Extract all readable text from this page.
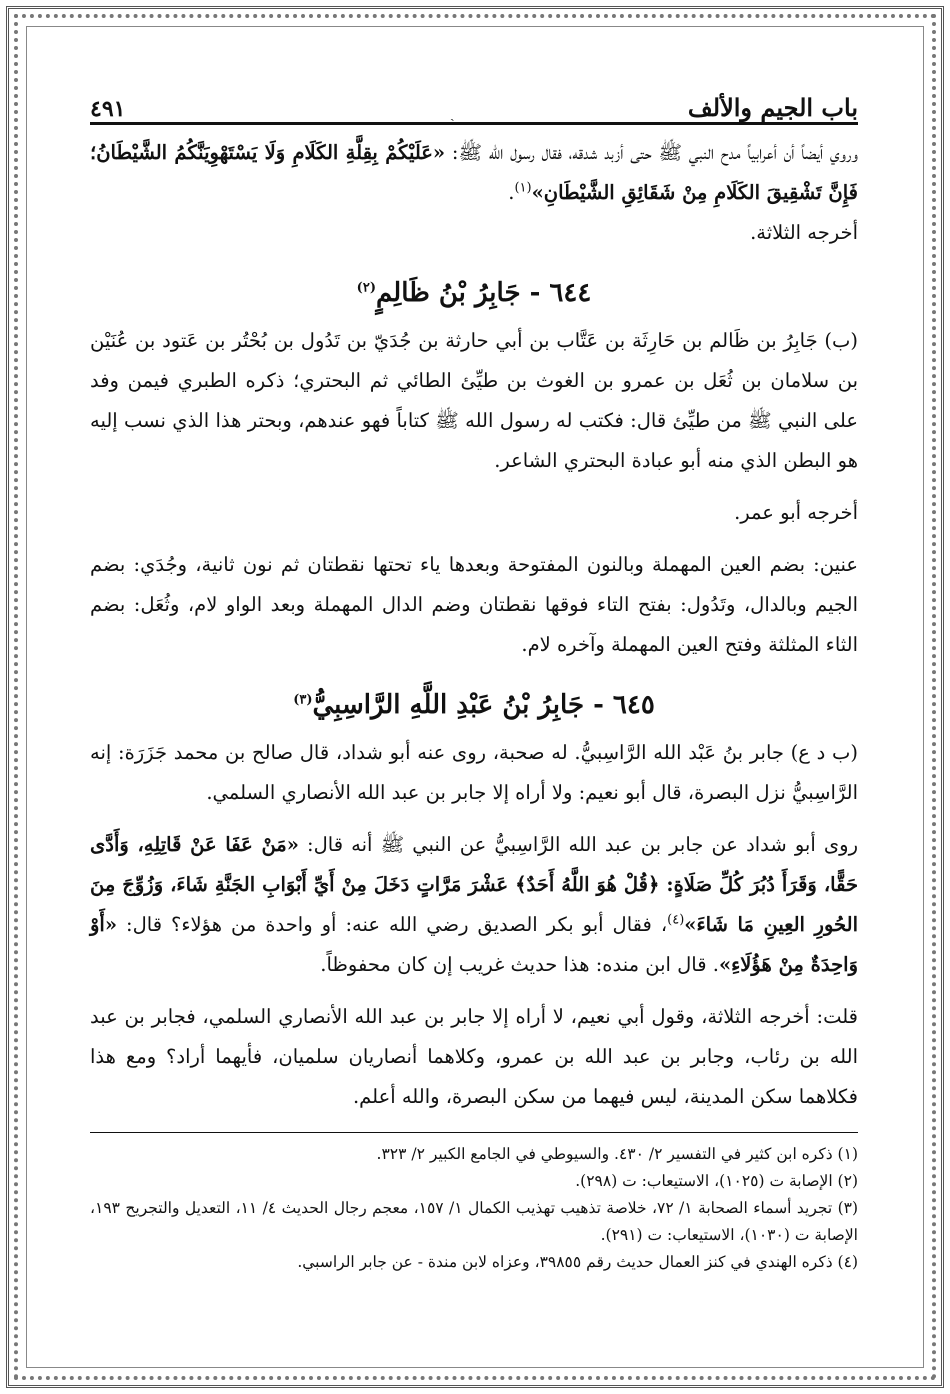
ˎ	باب الجيم والألف
٤٩١

وروي أيضاً أن أعرابياً مدح النبي ﷺ حتى أزبد شدقه، فقال رسول الله ﷺ: «عَلَيْكُمْ بِقِلَّةِ الكَلَامِ وَلَا يَسْتَهْوِيَنَّكُمُ الشَّيْطَانُ؛ فَإِنَّ تَشْقِيقَ الكَلَامِ مِنْ شَقَائِقِ الشَّيْطَانِ»$^{(١)}$.

أخرجه الثلاثة.

٦٤٤ - جَابِرُ بْنُ ظَالِمٍ$^{(٢)}$

(ب) جَابِرُ بن ظَالم بن حَارِثَة بن عَتَّاب بن أبي حارثة بن جُدَيّ بن تَدُول بن بُحْتُر بن عَتود بن عُنَيْن بن سلامان بن ثُعَل بن عمرو بن الغوث بن طيِّئ الطائي ثم البحتري؛ ذكره الطبري فيمن وفد على النبي ﷺ من طيِّئ قال: فكتب له رسول الله ﷺ كتاباً فهو عندهم، وبحتر هذا الذي نسب إليه هو البطن الذي منه أبو عبادة البحتري الشاعر.

أخرجه أبو عمر.

عنين: بضم العين المهملة وبالنون المفتوحة وبعدها ياء تحتها نقطتان ثم نون ثانية، وجُدَي: بضم الجيم وبالدال، وتَدُول: بفتح التاء فوقها نقطتان وضم الدال المهملة وبعد الواو لام، وثُعَل: بضم الثاء المثلثة وفتح العين المهملة وآخره لام.

٦٤٥ - جَابِرُ بْنُ عَبْدِ اللَّهِ الرَّاسِبِيُّ$^{(٣)}$

(ب د ع) جابر بنُ عَبْد الله الرَّاسِبيُّ. له صحبة، روى عنه أبو شداد، قال صالح بن محمد جَزَرَة: إنه الرَّاسِبيُّ نزل البصرة، قال أبو نعيم: ولا أراه إلا جابر بن عبد الله الأنصاري السلمي.

روى أبو شداد عن جابر بن عبد الله الرَّاسِبيُّ عن النبي ﷺ أنه قال: «مَنْ عَفَا عَنْ قَاتِلِهِ، وَأَدَّى حَقًّا، وَقَرَأَ دُبُرَ كُلِّ صَلَاةٍ: ﴿قُلْ هُوَ اللَّهُ أَحَدٌ﴾ عَشْرَ مَرَّاتٍ دَخَلَ مِنْ أَيِّ أَبْوَابِ الجَنَّةِ شَاءَ، وَزُوِّجَ مِنَ الحُورِ العِينِ مَا شَاءَ»$^{(٤)}$، فقال أبو بكر الصديق رضي الله عنه: أو واحدة من هؤلاء؟ قال: «أَوْ وَاحِدَةٌ مِنْ هَؤُلَاءِ». قال ابن منده: هذا حديث غريب إن كان محفوظاً.

قلت: أخرجه الثلاثة، وقول أبي نعيم، لا أراه إلا جابر بن عبد الله الأنصاري السلمي، فجابر بن عبد الله بن رئاب، وجابر بن عبد الله بن عمرو، وكلاهما أنصاريان سلميان، فأيهما أراد؟ ومع هذا فكلاهما سكن المدينة، ليس فيهما من سكن البصرة، والله أعلم.

(١) ذكره ابن كثير في التفسير ٢/ ٤٣٠. والسيوطي في الجامع الكبير ٢/ ٣٢٣.

(٢) الإصابة ت (١٠٢٥)، الاستيعاب: ت (٢٩٨).

(٣) تجريد أسماء الصحابة ١/ ٧٢، خلاصة تذهيب تهذيب الكمال ١/ ١٥٧، معجم رجال الحديث ٤/ ١١، التعديل والتجريح ١٩٣، الإصابة ت (١٠٣٠)، الاستيعاب: ت (٢٩١).

(٤) ذكره الهندي في كنز العمال حديث رقم ٣٩٨٥٥، وعزاه لابن مندة - عن جابر الراسبي.
